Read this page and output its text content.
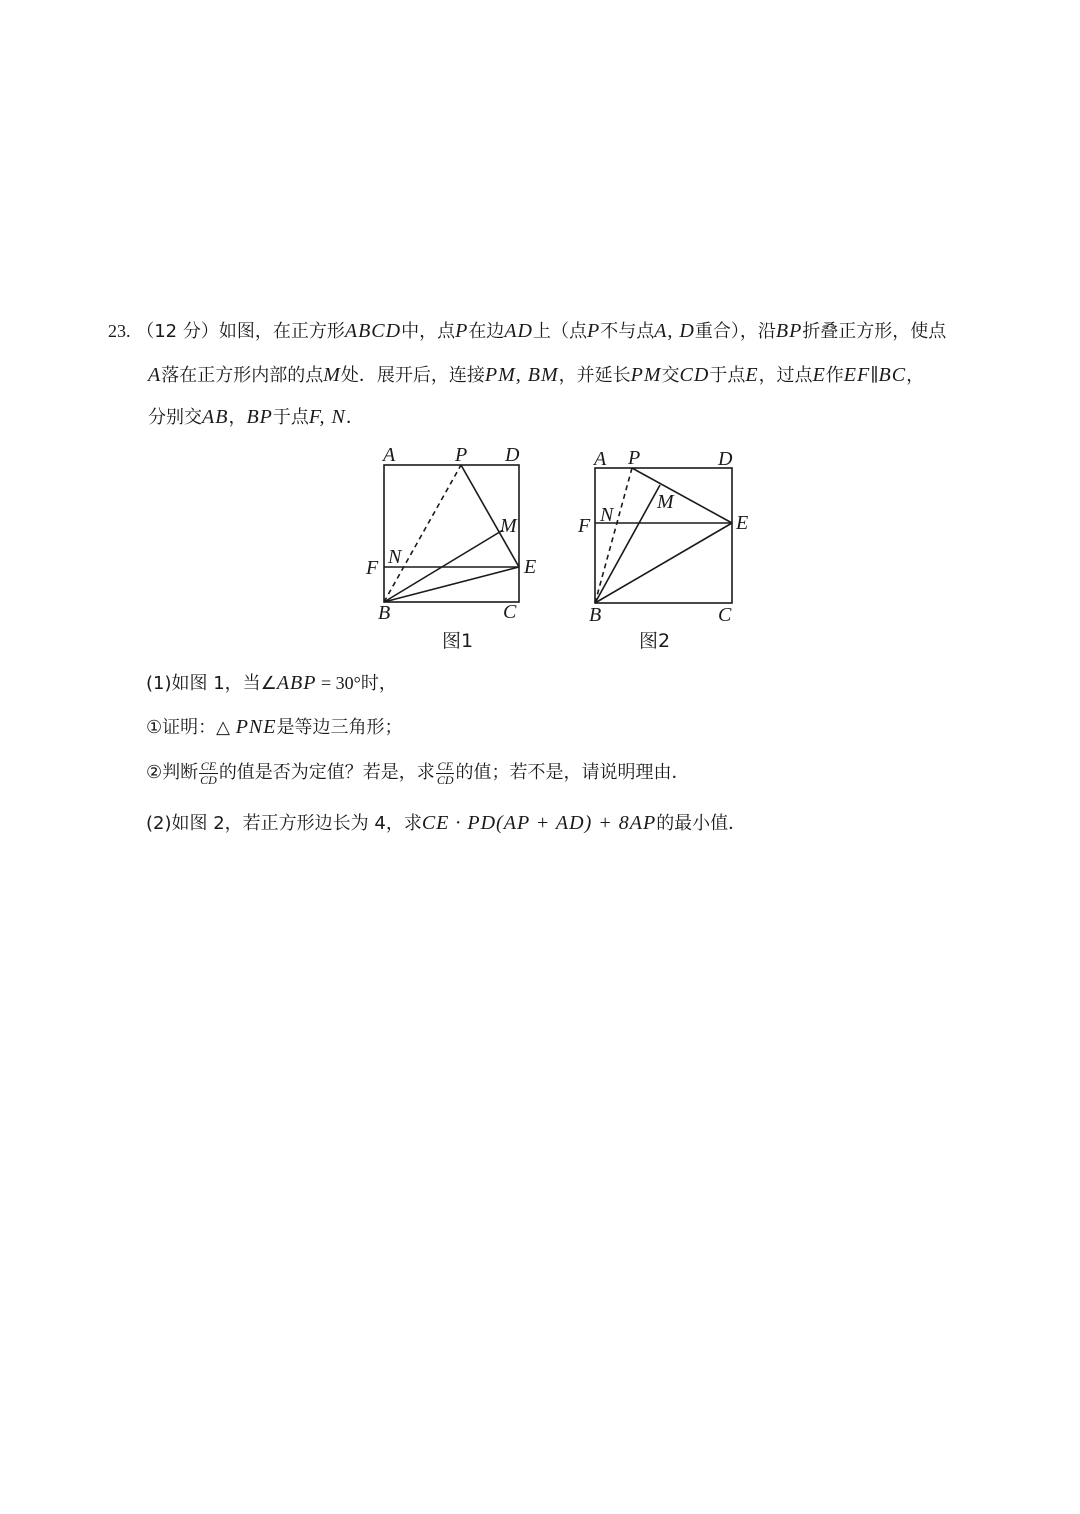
23. （12 分）如图，在正方形ABCD中，点P在边AD上（点P不与点A, D重合），沿BP折叠正方形，使点
A落在正方形内部的点M处．展开后，连接PM, BM，并延长PM交CD于点E，过点E作EF∥BC，
分别交AB，BP于点F, N．
A	P D
M
N
F	E
B	C
图1
A P	D
M
N
F	E
B	C
图2
(1)如图 1，当∠ABP = 30°时，
①证明：△ PNE是等边三角形；
②判断 $\frac{CE}{CD}$ 的值是否为定值？若是，求 $\frac{CE}{CD}$ 的值；若不是，请说明理由．
(2)如图 2，若正方形边长为 4，求CE · PD(AP + AD) + 8AP的最小值．
